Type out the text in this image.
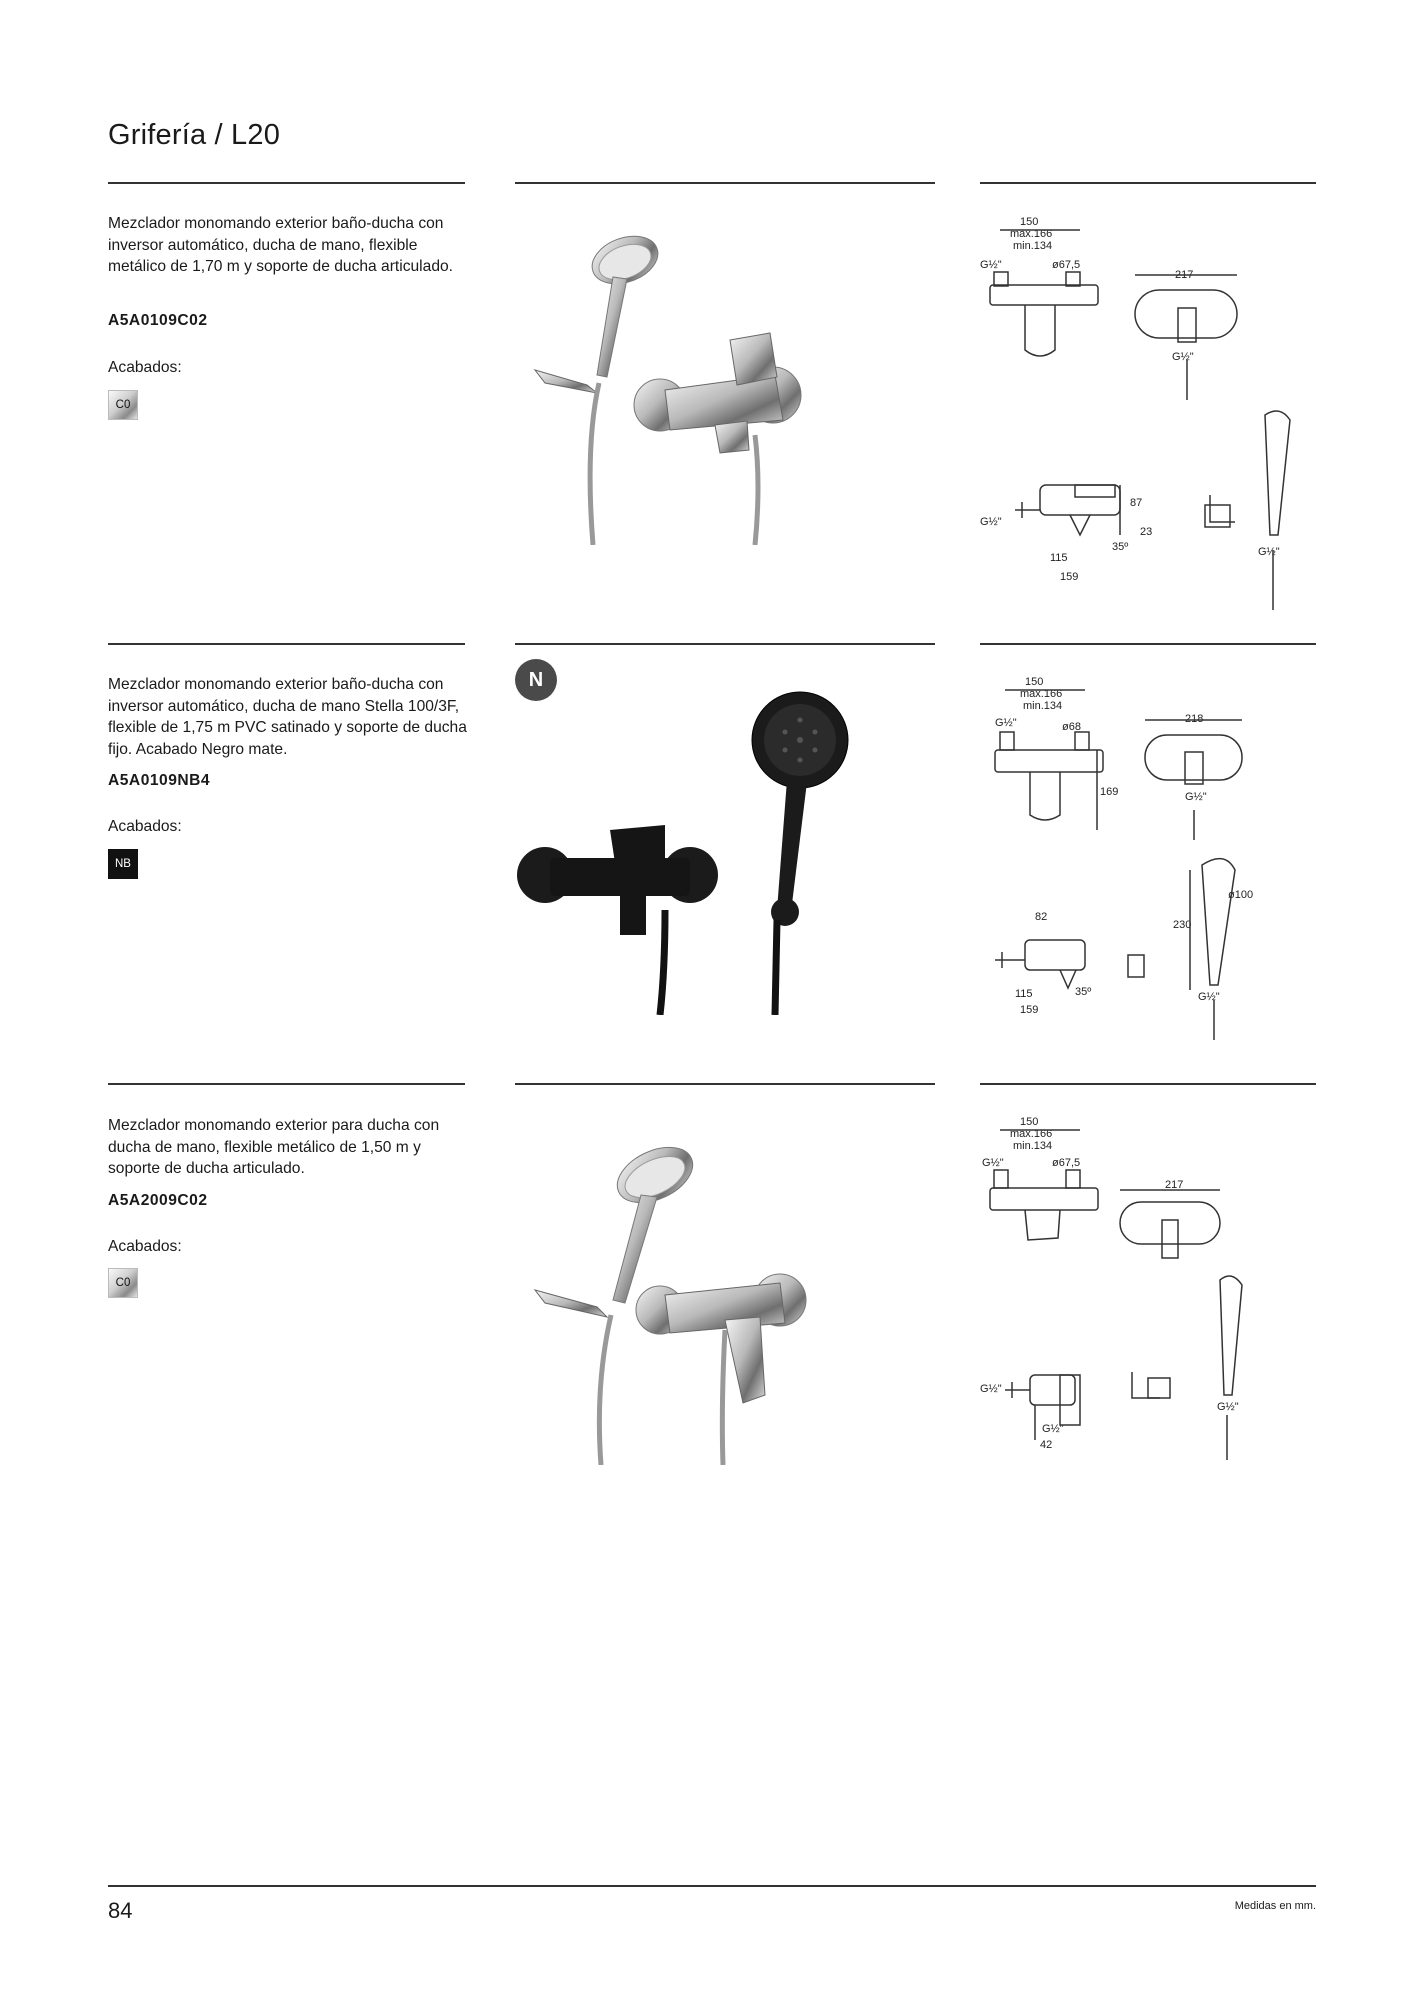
Grifería / L20
Mezclador monomando exterior baño-ducha con inversor automático, ducha de mano, flexible metálico de 1,70 m y soporte de ducha articulado.
A5A0109C02
Acabados:
C0
150
max.166
min.134
G½"	ø67,5
217
G½"
87
23
35º
115
159
G½"
G½"
Mezclador monomando exterior baño-ducha con inversor automático, ducha de mano Stella 100/3F, flexible de 1,75 m PVC satinado y soporte de ducha fijo. Acabado Negro mate.
A5A0109NB4
Acabados:
NB
N	150
max.166
min.134
G½"	ø68
218
G½"
169
82
35º
115
159
230
ø100
G½"
Mezclador monomando exterior para ducha con ducha de mano, flexible metálico de 1,50 m y soporte de ducha articulado.
A5A2009C02
Acabados:
C0
150
max.166
min.134
G½"	ø67,5
217
G½"
G½"
42
G½"
84	Medidas en mm.
